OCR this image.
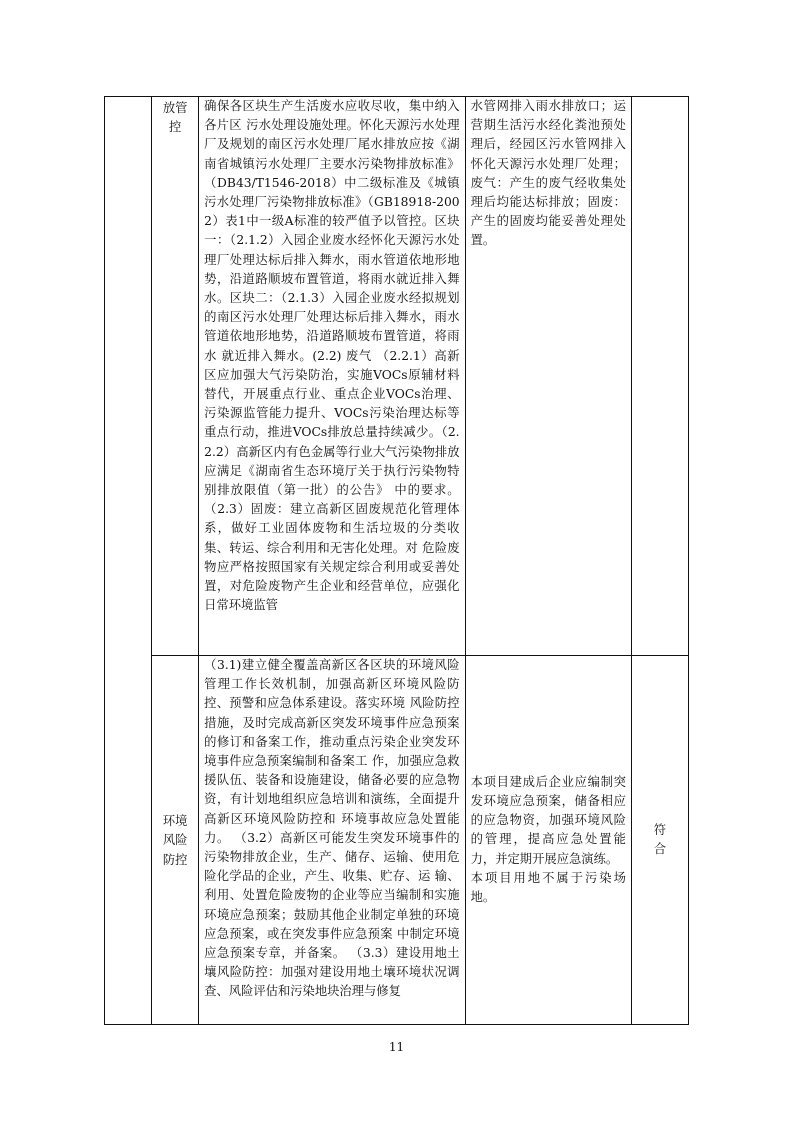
	放管控	确保各区块生产生活废水应收尽收，集中纳入各片区 污水处理设施处理。怀化天源污水处理厂及规划的南区污水处理厂尾水排放应按《湖南省城镇污水处理厂主要水污染物排放标准》（DB43/T1546-2018）中二级标准及《城镇污水处理厂污染物排放标准》（GB18918-2002）表1中一级A标准的较严值予以管控。区块一：（2.1.2）入园企业废水经怀化天源污水处理厂处理达标后排入舞水，雨水管道依地形地势，沿道路顺坡布置管道，将雨水就近排入舞水。区块二：（2.1.3）入园企业废水经拟规划的南区污水处理厂处理达标后排入舞水，雨水管道依地形地势，沿道路顺坡布置管道，将雨水 就近排入舞水。(2.2) 废气 （2.2.1）高新区应加强大气污染防治，实施VOCs原辅材料替代，开展重点行业、重点企业VOCs治理、污染源监管能力提升、VOCs污染治理达标等重点行动，推进VOCs排放总量持续减少。（2.2.2）高新区内有色金属等行业大气污染物排放应满足《湖南省生态环境厅关于执行污染物特别排放限值（第一批）的公告》 中的要求。 （2.3）固废：建立高新区固废规范化管理体系，做好工业固体废物和生活垃圾的分类收集、转运、综合利用和无害化处理。对 危险废物应严格按照国家有关规定综合利用或妥善处置，对危险废物产生企业和经营单位，应强化日常环境监管	水管网排入雨水排放口；运营期生活污水经化粪池预处理后，经园区污水管网排入怀化天源污水处理厂处理；废气：产生的废气经收集处理后均能达标排放；固废：产生的固废均能妥善处理处置。	

	环境风险防控	（3.1)建立健全覆盖高新区各区块的环境风险管理工作长效机制，加强高新区环境风险防控、预警和应急体系建设。落实环境 风险防控措施，及时完成高新区突发环境事件应急预案的修订和备案工作，推动重点污染企业突发环境事件应急预案编制和备案工 作，加强应急救援队伍、装备和设施建设，储备必要的应急物资，有计划地组织应急培训和演练，全面提升高新区环境风险防控和 环境事故应急处置能力。 （3.2）高新区可能发生突发环境事件的污染物排放企业，生产、储存、运输、使用危险化学品的企业，产生、收集、贮存、运 输、利用、处置危险废物的企业等应当编制和实施环境应急预案；鼓励其他企业制定单独的环境应急预案，或在突发事件应急预案 中制定环境应急预案专章，并备案。 （3.3）建设用地土壤风险防控：加强对建设用地土壤环境状况调查、风险评估和污染地块治理与修复	本项目建成后企业应编制突发环境应急预案，储备相应的应急物资，加强环境风险的管理，提高应急处置能力，并定期开展应急演练。
本项目用地不属于污染场地。	符合
11
